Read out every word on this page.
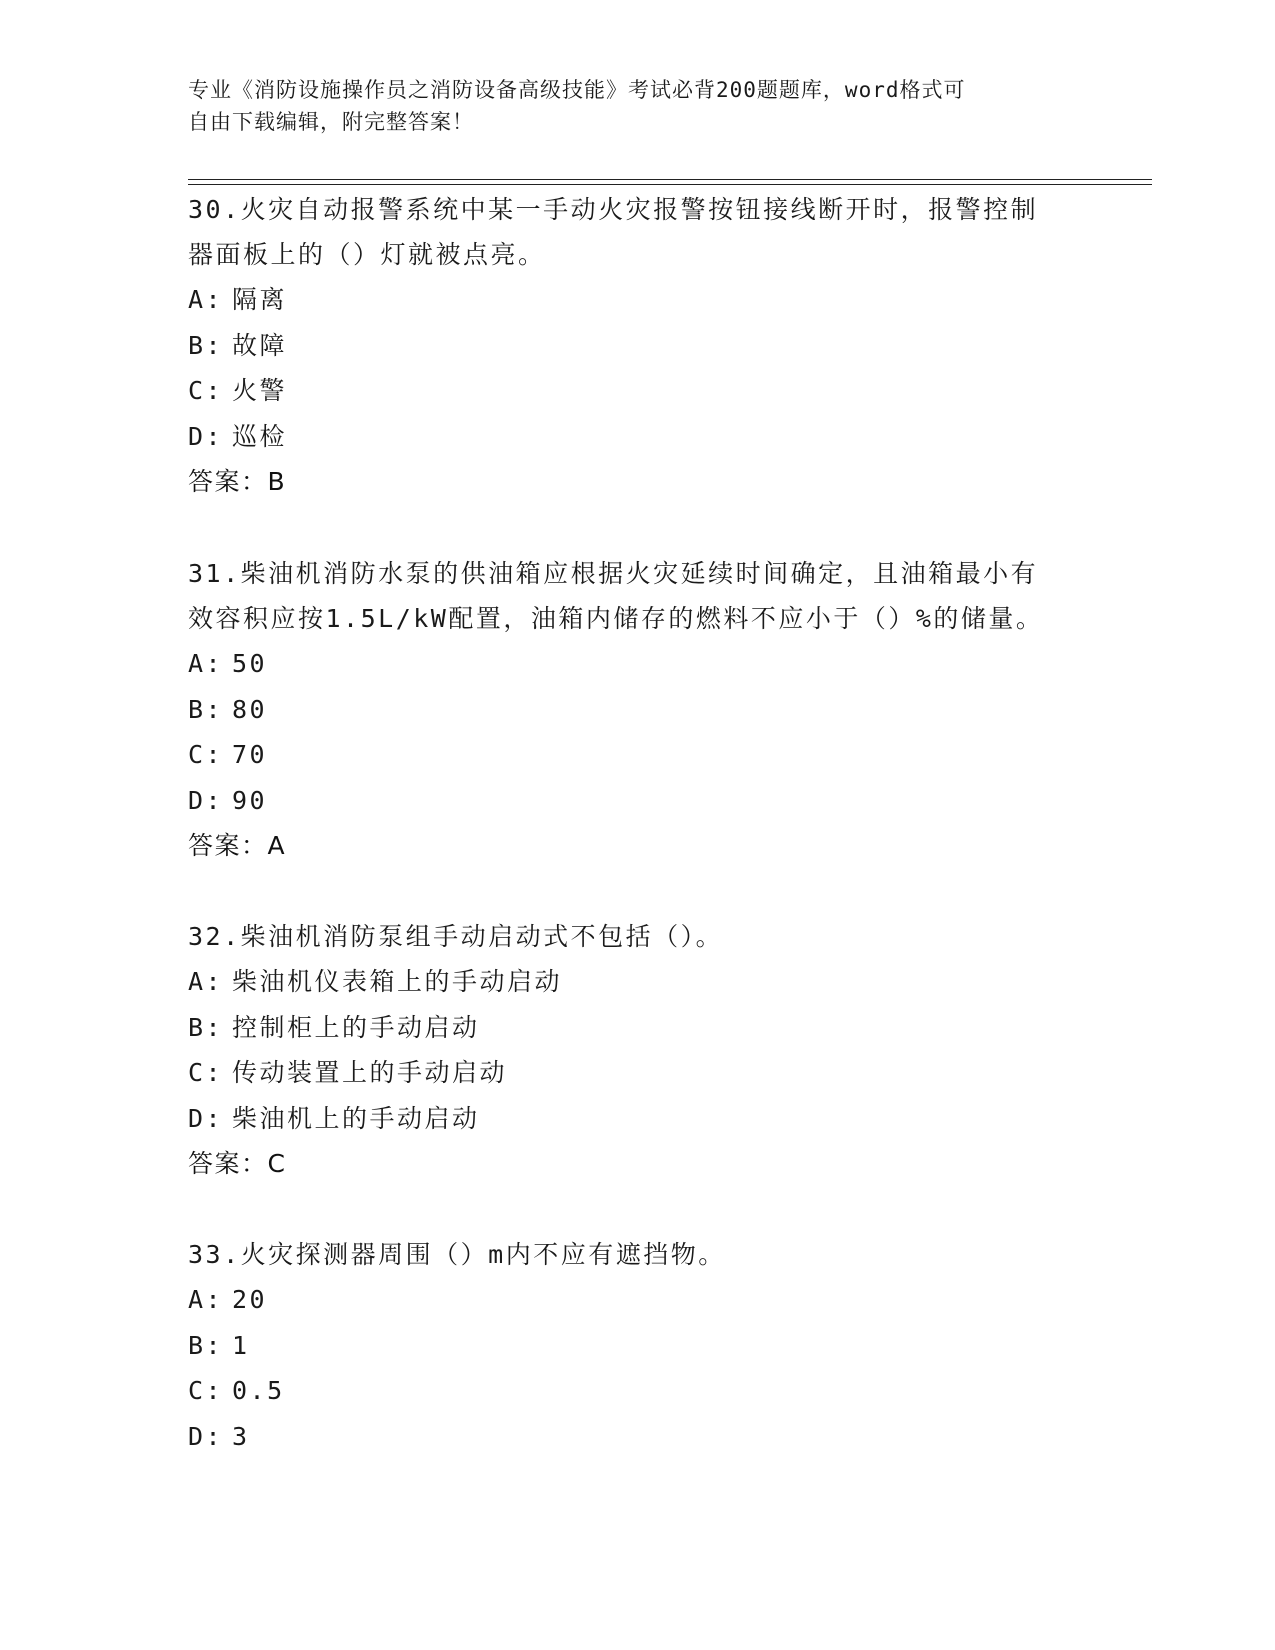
专业《消防设施操作员之消防设备高级技能》考试必背200题题库，word格式可
自由下载编辑，附完整答案！
30.火灾自动报警系统中某一手动火灾报警按钮接线断开时，报警控制
器面板上的（）灯就被点亮。
A: 隔离
B: 故障
C: 火警
D: 巡检
答案：B
31.柴油机消防水泵的供油箱应根据火灾延续时间确定，且油箱最小有
效容积应按1.5L/kW配置，油箱内储存的燃料不应小于（）%的储量。
A: 50
B: 80
C: 70
D: 90
答案：A
32.柴油机消防泵组手动启动式不包括（）。
A: 柴油机仪表箱上的手动启动
B: 控制柜上的手动启动
C: 传动装置上的手动启动
D: 柴油机上的手动启动
答案：C
33.火灾探测器周围（）m内不应有遮挡物。
A: 20
B: 1
C: 0.5
D: 3
